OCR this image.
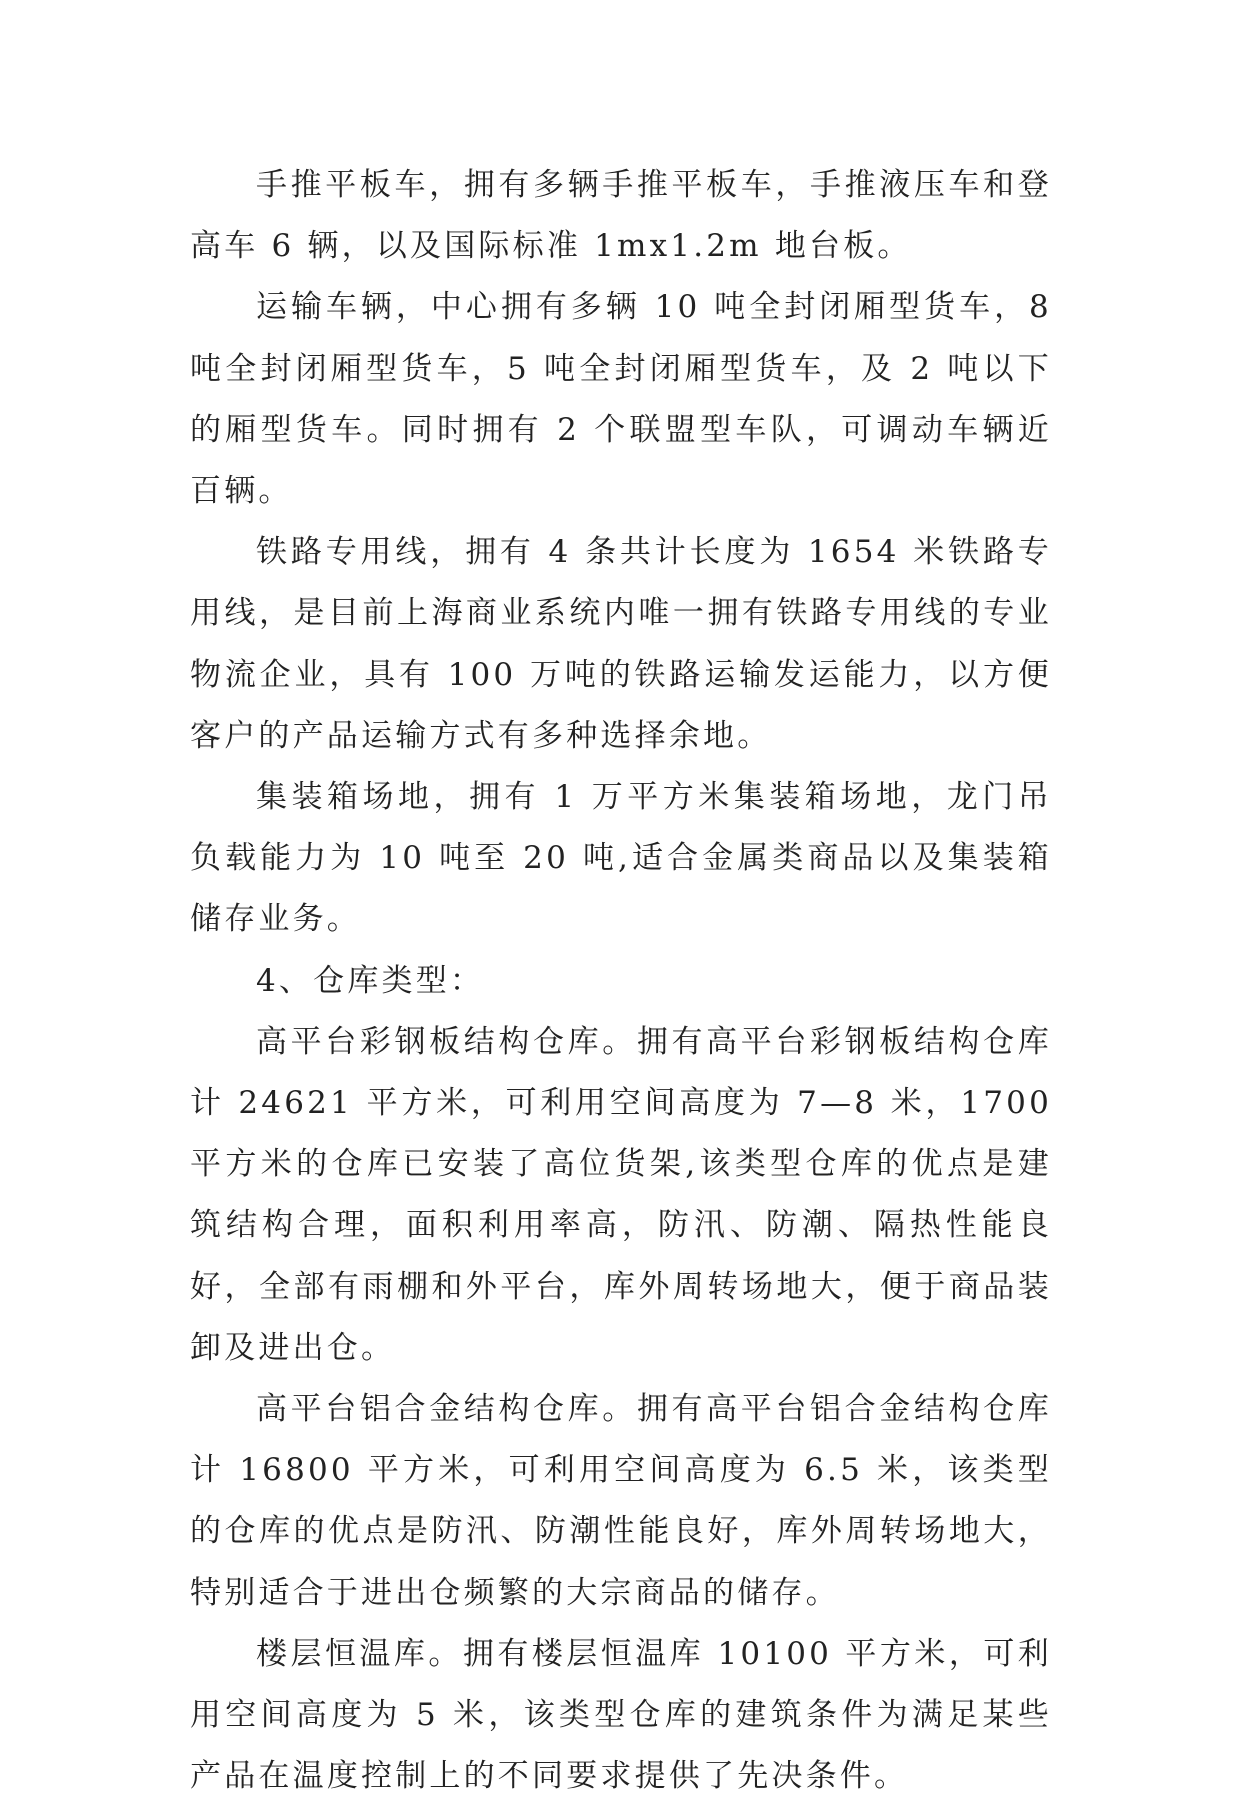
手推平板车，拥有多辆手推平板车，手推液压车和登高车 6 辆，以及国际标准 1mx1.2m 地台板。

运输车辆，中心拥有多辆 10 吨全封闭厢型货车，8 吨全封闭厢型货车，5 吨全封闭厢型货车，及 2 吨以下的厢型货车。同时拥有 2 个联盟型车队，可调动车辆近百辆。

铁路专用线，拥有 4 条共计长度为 1654 米铁路专用线，是目前上海商业系统内唯一拥有铁路专用线的专业物流企业，具有 100 万吨的铁路运输发运能力，以方便客户的产品运输方式有多种选择余地。

集装箱场地，拥有 1 万平方米集装箱场地，龙门吊负载能力为 10 吨至 20 吨,适合金属类商品以及集装箱储存业务。

4、仓库类型：

高平台彩钢板结构仓库。拥有高平台彩钢板结构仓库计 24621 平方米，可利用空间高度为 7—8 米，1700 平方米的仓库已安装了高位货架,该类型仓库的优点是建筑结构合理，面积利用率高，防汛、防潮、隔热性能良好，全部有雨棚和外平台，库外周转场地大，便于商品装卸及进出仓。

高平台铝合金结构仓库。拥有高平台铝合金结构仓库计 16800 平方米，可利用空间高度为 6.5 米，该类型的仓库的优点是防汛、防潮性能良好，库外周转场地大，特别适合于进出仓频繁的大宗商品的储存。

楼层恒温库。拥有楼层恒温库 10100 平方米，可利用空间高度为 5 米，该类型仓库的建筑条件为满足某些产品在温度控制上的不同要求提供了先决条件。
